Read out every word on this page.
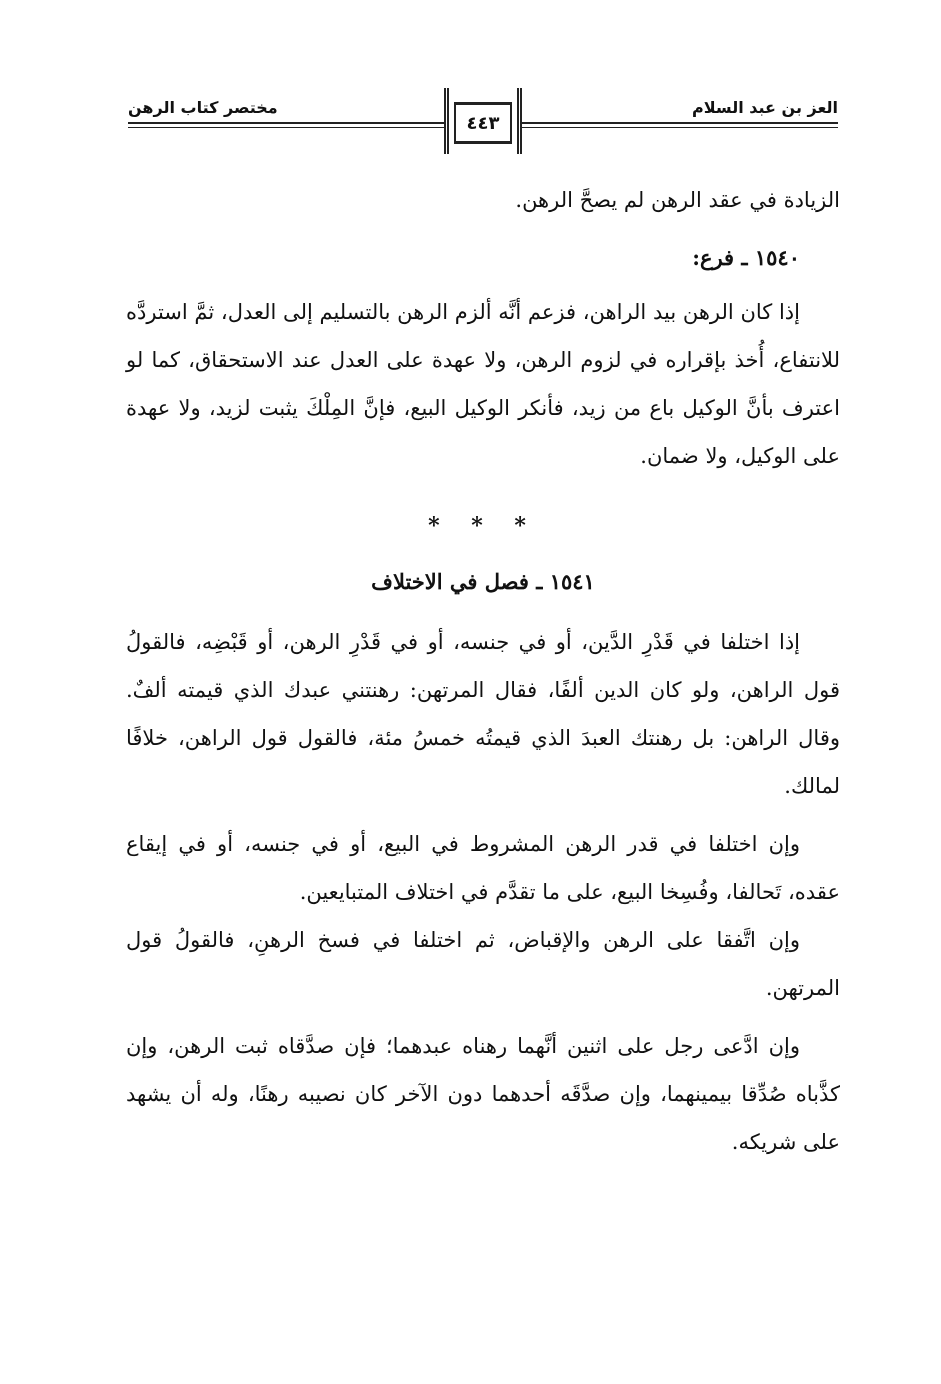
العز بن عبد السلام
مختصر كتاب الرهن
٤٤٣

الزيادة في عقد الرهن لم يصحَّ الرهن.

١٥٤٠ ـ فرع:

إذا كان الرهن بيد الراهن، فزعم أنَّه ألزم الرهن بالتسليم إلى العدل، ثمَّ استردَّه للانتفاع، أُخذ بإقراره في لزوم الرهن، ولا عهدة على العدل عند الاستحقاق، كما لو اعترف بأنَّ الوكيل باع من زيد، فأنكر الوكيل البيع، فإنَّ المِلْكَ يثبت لزيد، ولا عهدة على الوكيل، ولا ضمان.

* * *

١٥٤١ ـ فصل في الاختلاف

إذا اختلفا في قَدْرِ الدَّين، أو في جنسه، أو في قَدْرِ الرهن، أو قَبْضِه، فالقولُ قول الراهن، ولو كان الدين ألفًا، فقال المرتهن: رهنتني عبدك الذي قيمته ألفٌ. وقال الراهن: بل رهنتك العبدَ الذي قيمتُه خمسُ مئة، فالقول قول الراهن، خلافًا لمالك.

وإن اختلفا في قدر الرهن المشروط في البيع، أو في جنسه، أو في إيقاع عقده، تَحالفا، وفُسِخا البيع، على ما تقدَّم في اختلاف المتبايعين.

وإن اتَّفقا على الرهن والإقباض، ثم اختلفا في فسخ الرهنِ، فالقولُ قول المرتهن.

وإن ادَّعى رجل على اثنين أنَّهما رهناه عبدهما؛ فإن صدَّقاه ثبت الرهن، وإن كذَّباه صُدِّقا بيمينهما، وإن صدَّقَه أحدهما دون الآخر كان نصيبه رهنًا، وله أن يشهد على شريكه.
